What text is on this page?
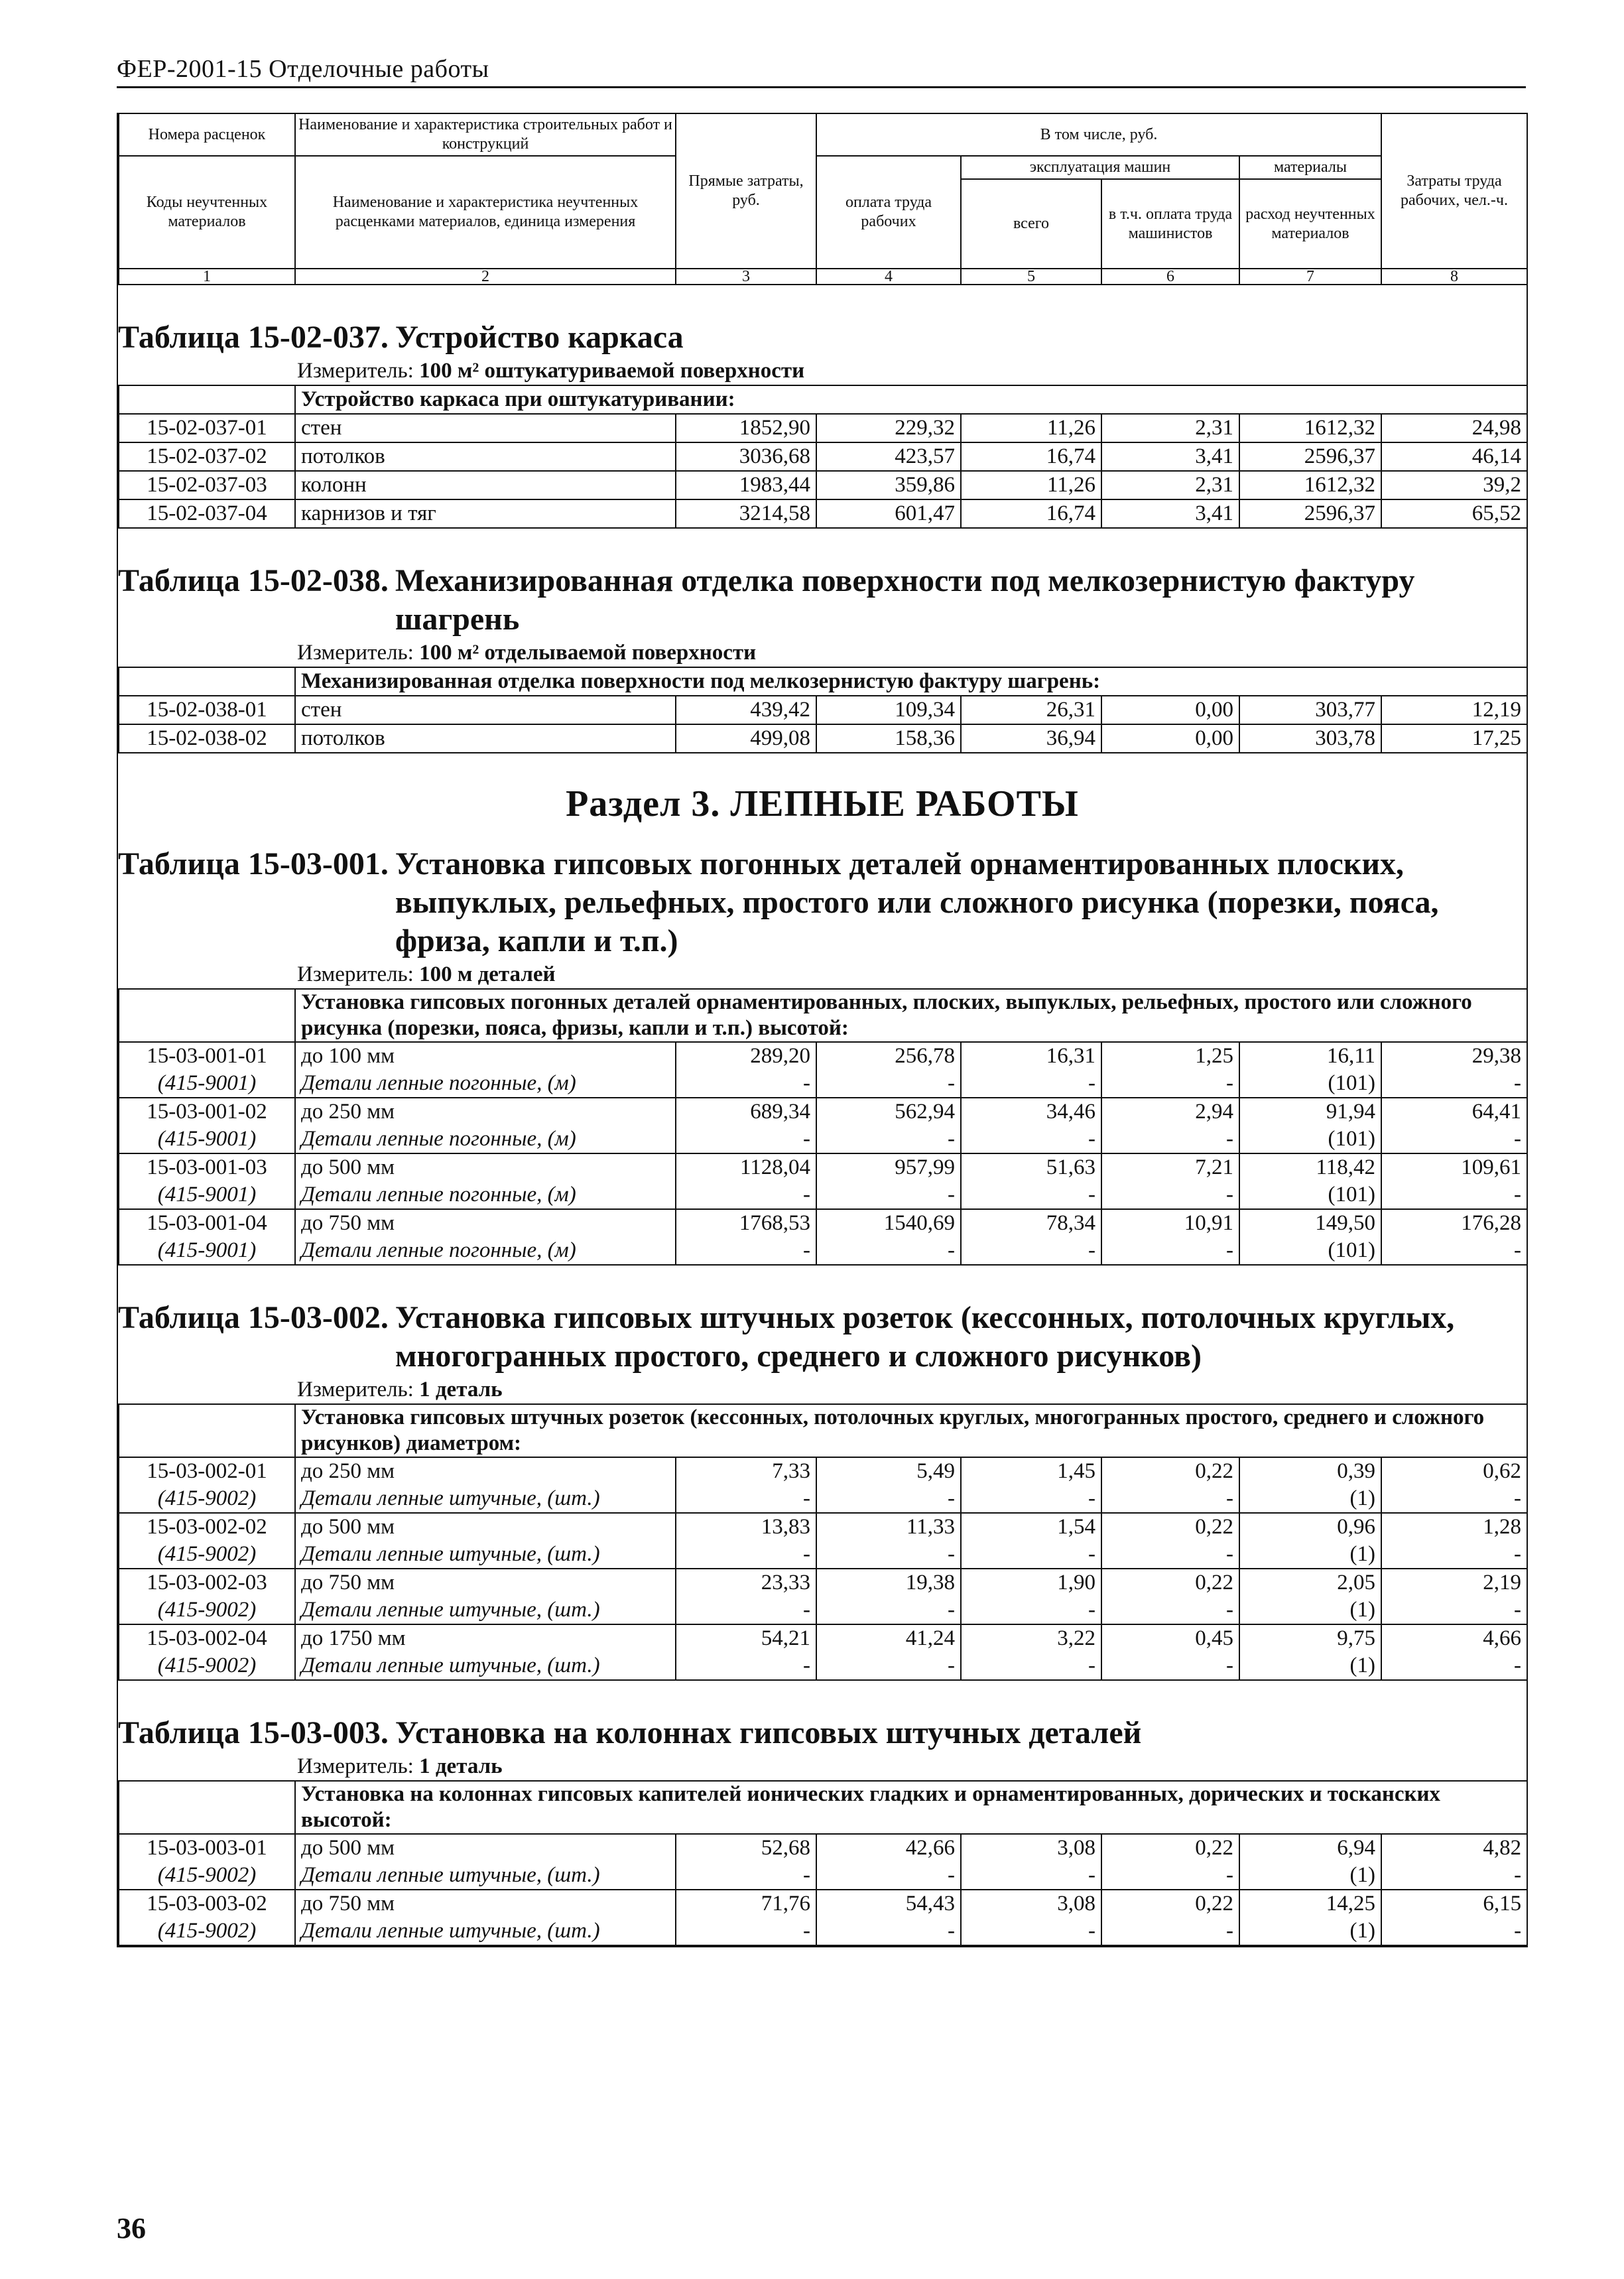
ФЕР-2001-15 Отделочные работы
Номера расценок	Наименование и характеристика строительных работ и конструкций	Прямые затраты, руб.	В том числе, руб.				Затраты труда рабочих, чел.-ч.
Коды неучтенных материалов	Наименование и характеристика неучтенных расценками материалов, единица измерения		оплата труда рабочих	эксплуатация машин		материалы	
				всего	в т.ч. оплата труда машинистов	расход неучтенных материалов	
1	2	3	4	5	6	7	8
Таблица 15-02-037. Устройство каркаса
Измеритель: 100 м² оштукатуриваемой поверхности
	Устройство каркаса при оштукатуривании:						
15-02-037-01	стен	1852,90	229,32	11,26	2,31	1612,32	24,98
15-02-037-02	потолков	3036,68	423,57	16,74	3,41	2596,37	46,14
15-02-037-03	колонн	1983,44	359,86	11,26	2,31	1612,32	39,2
15-02-037-04	карнизов и тяг	3214,58	601,47	16,74	3,41	2596,37	65,52
Таблица 15-02-038. Механизированная отделка поверхности под мелкозернистую фактуру шагрень
Измеритель: 100 м² отделываемой поверхности
	Механизированная отделка поверхности под мелкозернистую фактуру шагрень:						
15-02-038-01	стен	439,42	109,34	26,31	0,00	303,77	12,19
15-02-038-02	потолков	499,08	158,36	36,94	0,00	303,78	17,25
Раздел 3. ЛЕПНЫЕ РАБОТЫ
Таблица 15-03-001. Установка гипсовых погонных деталей орнаментированных плоских, выпуклых, рельефных, простого или сложного рисунка (порезки, пояса, фриза, капли и т.п.)
Измеритель: 100 м деталей
	Установка гипсовых погонных деталей орнаментированных, плоских, выпуклых, рельефных, простого или сложного рисунка (порезки, пояса, фризы, капли и т.п.) высотой:						
15-03-001-01	до 100 мм	289,20	256,78	16,31	1,25	16,11	29,38
(415-9001)	Детали лепные погонные, (м)	-	-	-	-	(101)	-
15-03-001-02	до 250 мм	689,34	562,94	34,46	2,94	91,94	64,41
(415-9001)	Детали лепные погонные, (м)	-	-	-	-	(101)	-
15-03-001-03	до 500 мм	1128,04	957,99	51,63	7,21	118,42	109,61
(415-9001)	Детали лепные погонные, (м)	-	-	-	-	(101)	-
15-03-001-04	до 750 мм	1768,53	1540,69	78,34	10,91	149,50	176,28
(415-9001)	Детали лепные погонные, (м)	-	-	-	-	(101)	-
Таблица 15-03-002. Установка гипсовых штучных розеток (кессонных, потолочных круглых, многогранных простого, среднего и сложного рисунков)
Измеритель: 1 деталь
	Установка гипсовых штучных розеток (кессонных, потолочных круглых, многогранных простого, среднего и сложного рисунков) диаметром:						
15-03-002-01	до 250 мм	7,33	5,49	1,45	0,22	0,39	0,62
(415-9002)	Детали лепные штучные, (шт.)	-	-	-	-	(1)	-
15-03-002-02	до 500 мм	13,83	11,33	1,54	0,22	0,96	1,28
(415-9002)	Детали лепные штучные, (шт.)	-	-	-	-	(1)	-
15-03-002-03	до 750 мм	23,33	19,38	1,90	0,22	2,05	2,19
(415-9002)	Детали лепные штучные, (шт.)	-	-	-	-	(1)	-
15-03-002-04	до 1750 мм	54,21	41,24	3,22	0,45	9,75	4,66
(415-9002)	Детали лепные штучные, (шт.)	-	-	-	-	(1)	-
Таблица 15-03-003. Установка на колоннах гипсовых штучных деталей
Измеритель: 1 деталь
	Установка на колоннах гипсовых капителей ионических гладких и орнаментированных, дорических и тосканских высотой:						
15-03-003-01	до 500 мм	52,68	42,66	3,08	0,22	6,94	4,82
(415-9002)	Детали лепные штучные, (шт.)	-	-	-	-	(1)	-
15-03-003-02	до 750 мм	71,76	54,43	3,08	0,22	14,25	6,15
(415-9002)	Детали лепные штучные, (шт.)	-	-	-	-	(1)	-
36
